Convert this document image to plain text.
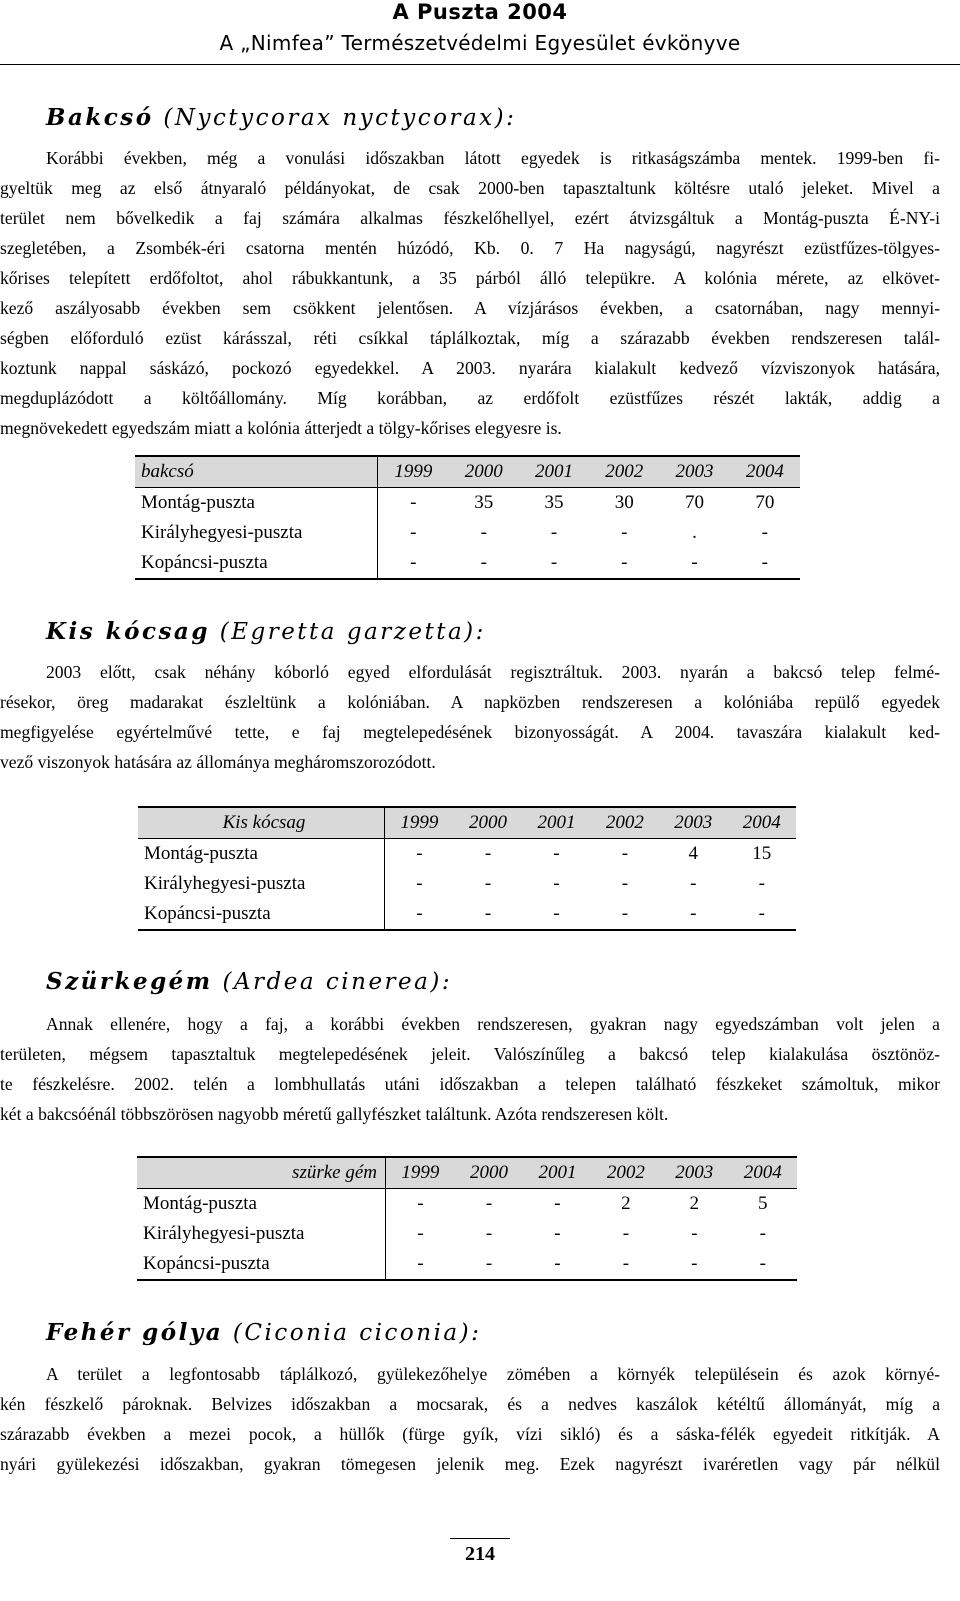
A Puszta 2004
A „Nimfea” Természetvédelmi Egyesület évkönyve
Bakcsó (Nyctycorax nyctycorax):
Korábbi években, még a vonulási időszakban látott egyedek is ritkaságszámba mentek. 1999-ben fi-
gyeltük meg az első átnyaraló példányokat, de csak 2000-ben tapasztaltunk költésre utaló jeleket. Mivel a
terület nem bővelkedik a faj számára alkalmas fészkelőhellyel, ezért átvizsgáltuk a Montág-puszta É-NY-i
szegletében, a Zsombék-éri csatorna mentén húzódó, Kb. 0. 7 Ha nagyságú, nagyrészt ezüstfűzes-tölgyes-
kőrises telepített erdőfoltot, ahol rábukkantunk, a 35 párból álló telepükre. A kolónia mérete, az elkövet-
kező aszályosabb években sem csökkent jelentősen. A vízjárásos években, a csatornában, nagy mennyi-
ségben előforduló ezüst kárásszal, réti csíkkal táplálkoztak, míg a szárazabb években rendszeresen talál-
koztunk nappal sáskázó, pockozó egyedekkel. A 2003. nyarára kialakult kedvező vízviszonyok hatására,
megduplázódott a költőállomány. Míg korábban, az erdőfolt ezüstfűzes részét lakták, addig a
megnövekedett egyedszám miatt a kolónia átterjedt a tölgy-kőrises elegyesre is.
bakcsó	1999	2000	2001	2002	2003	2004
Montág-puszta	-	35	35	30	70	70
Királyhegyesi-puszta	-	-	-	-	.	-
Kopáncsi-puszta	-	-	-	-	-	-
Kis kócsag (Egretta garzetta):
2003 előtt, csak néhány kóborló egyed elfordulását regisztráltuk. 2003. nyarán a bakcsó telep felmé-
résekor, öreg madarakat észleltünk a kolóniában. A napközben rendszeresen a kolóniába repülő egyedek
megfigyelése egyértelművé tette, e faj megtelepedésének bizonyosságát. A 2004. tavaszára kialakult ked-
vező viszonyok hatására az állománya megháromszorozódott.
Kis kócsag	1999	2000	2001	2002	2003	2004
Montág-puszta	-	-	-	-	4	15
Királyhegyesi-puszta	-	-	-	-	-	-
Kopáncsi-puszta	-	-	-	-	-	-
Szürkegém (Ardea cinerea):
Annak ellenére, hogy a faj, a korábbi években rendszeresen, gyakran nagy egyedszámban volt jelen a
területen, mégsem tapasztaltuk megtelepedésének jeleit. Valószínűleg a bakcsó telep kialakulása ösztönöz-
te fészkelésre. 2002. telén a lombhullatás utáni időszakban a telepen található fészkeket számoltuk, mikor
két a bakcsóénál többszörösen nagyobb méretű gallyfészket találtunk. Azóta rendszeresen költ.
szürke gém	1999	2000	2001	2002	2003	2004
Montág-puszta	-	-	-	2	2	5
Királyhegyesi-puszta	-	-	-	-	-	-
Kopáncsi-puszta	-	-	-	-	-	-
Fehér gólya (Ciconia ciconia):
A terület a legfontosabb táplálkozó, gyülekezőhelye zömében a környék településein és azok környé-
kén fészkelő pároknak. Belvizes időszakban a mocsarak, és a nedves kaszálok kétéltű állományát, míg a
szárazabb években a mezei pocok, a hüllők (fürge gyík, vízi sikló) és a sáska-félék egyedeit ritkítják. A
nyári gyülekezési időszakban, gyakran tömegesen jelenik meg. Ezek nagyrészt ivaréretlen vagy pár nélkül
214
